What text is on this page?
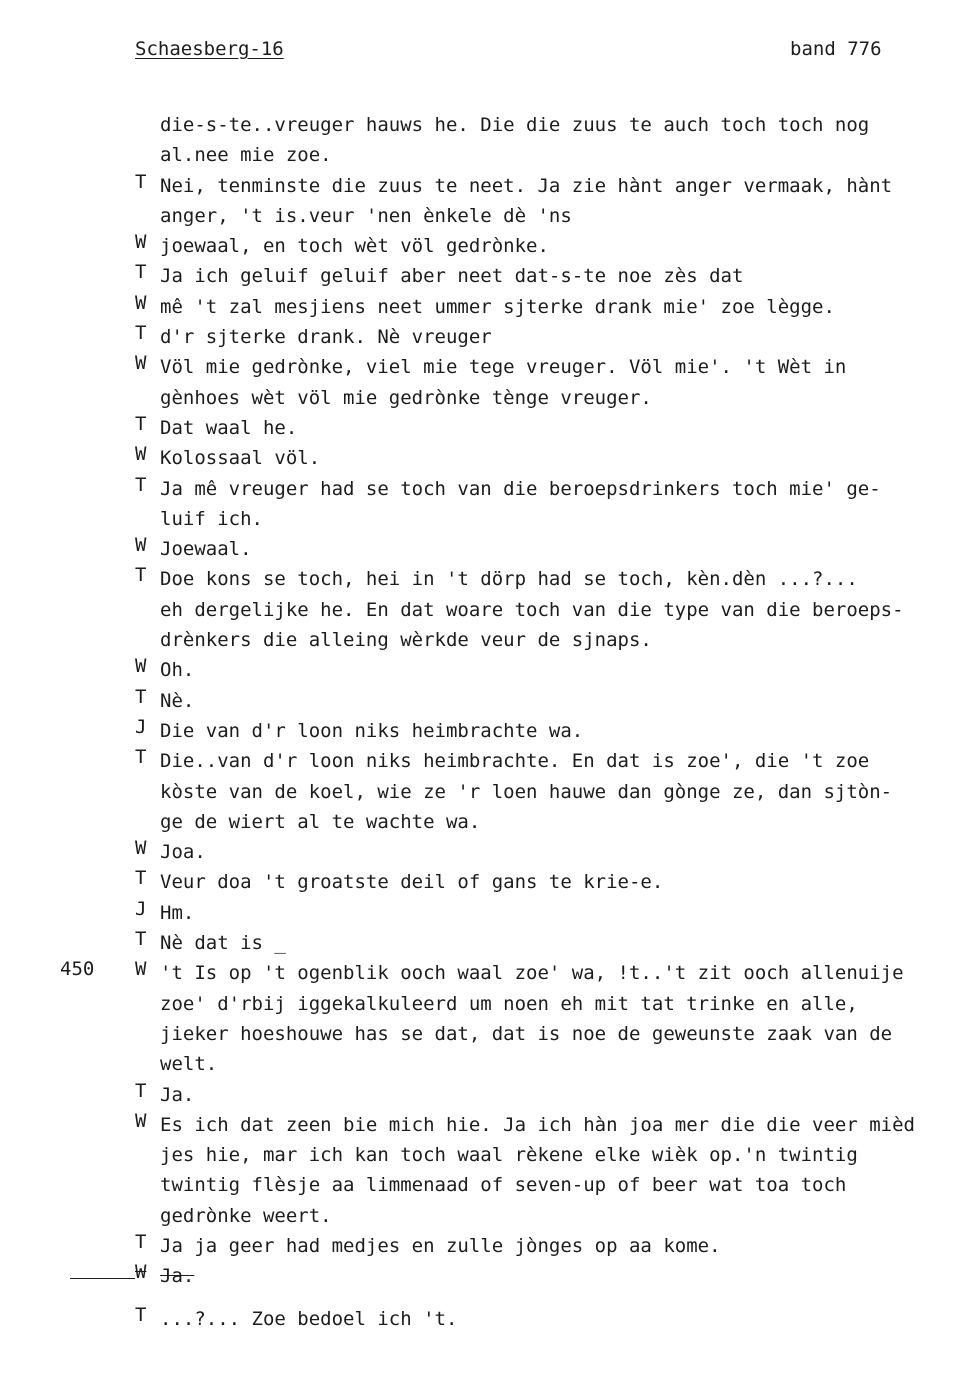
Schaesberg-16	band 776
die-s-te..vreuger hauws he. Die die zuus te auch toch toch nog
al.nee mie zoe.
T Nei, tenminste die zuus te neet. Ja zie hànt anger vermaak, hànt
anger, 't is.veur 'nen ènkele dè 'ns
W joewaal, en toch wèt völ gedrònke.
T Ja ich geluif geluif aber neet dat-s-te noe zès dat
W mê 't zal mesjiens neet ummer sjterke drank mie' zoe lègge.
T d'r sjterke drank. Nè vreuger
W Völ mie gedrònke, viel mie tege vreuger. Völ mie'. 't Wèt in
gènhoes wèt völ mie gedrònke tènge vreuger.
T Dat waal he.
W Kolossaal völ.
T Ja mê vreuger had se toch van die beroepsdrinkers toch mie' ge-
luif ich.
W Joewaal.
T Doe kons se toch, hei in 't dörp had se toch, kèn.dèn ...?...
eh dergelijke he. En dat woare toch van die type van die beroeps-
drènkers die alleing wèrkde veur de sjnaps.
W Oh.
T Nè.
J Die van d'r loon niks heimbrachte wa.
T Die..van d'r loon niks heimbrachte. En dat is zoe', die 't zoe
kòste van de koel, wie ze 'r loen hauwe dan gònge ze, dan sjtòn-
ge de wiert al te wachte wa.
W Joa.
T Veur doa 't groatste deil of gans te krie-e.
J Hm.
T Nè dat is _
450 W 't Is op 't ogenblik ooch waal zoe' wa, !t..'t zit ooch allenuije
zoe' d'rbij iggekalkuleerd um noen eh mit tat trinke en alle,
jieker hoeshouwe has se dat, dat is noe de geweunste zaak van de
welt.
T Ja.
W Es ich dat zeen bie mich hie. Ja ich hàn joa mer die die veer mièd
jes hie, mar ich kan toch waal rèkene elke wièk op.'n twintig
twintig flèsje aa limmenaad of seven-up of beer wat toa toch
gedrònke weert.
T Ja ja geer had medjes en zulle jònges op aa kome.
W Ja.
T ...?... Zoe bedoel ich 't.
